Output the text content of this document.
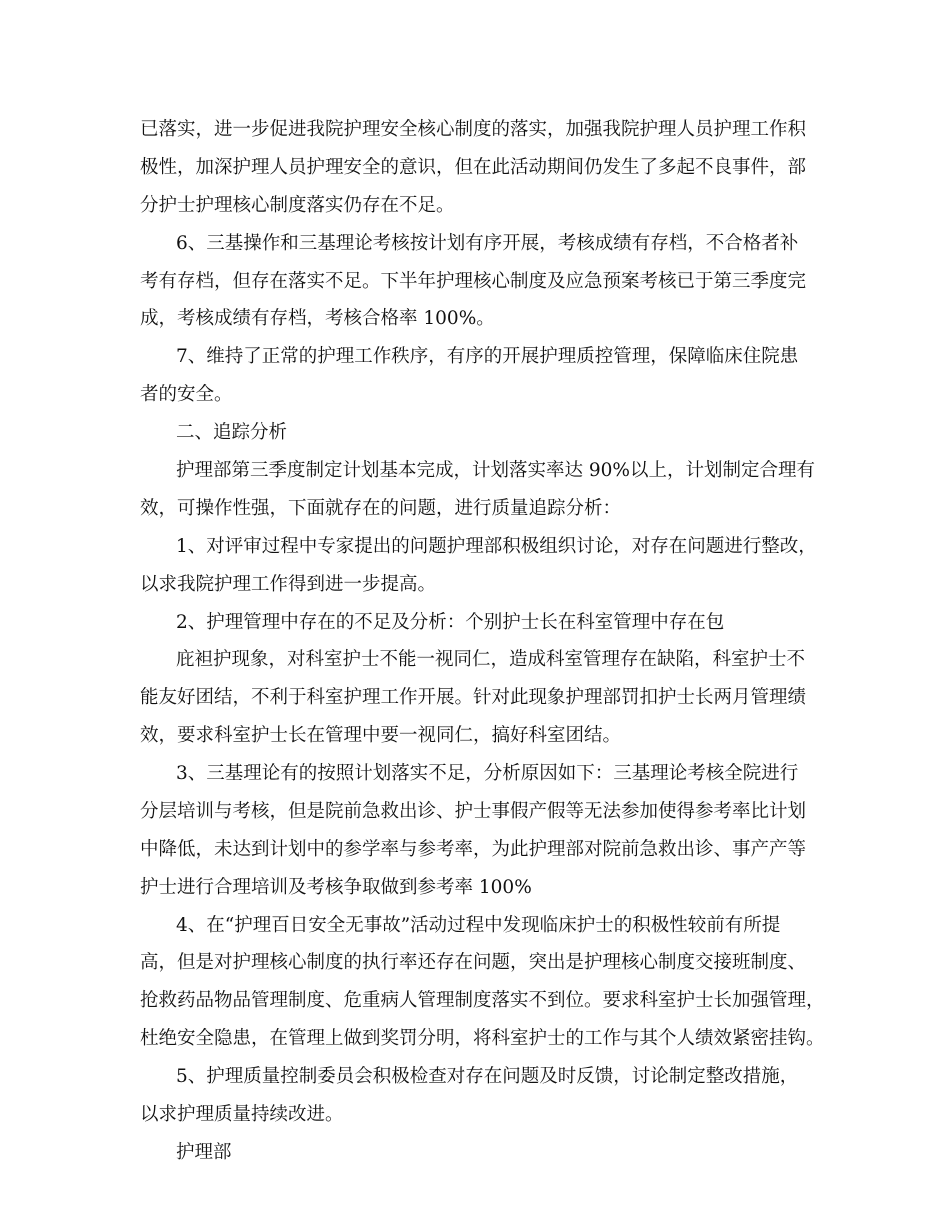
已落实，进一步促进我院护理安全核心制度的落实，加强我院护理人员护理工作积
极性，加深护理人员护理安全的意识，但在此活动期间仍发生了多起不良事件，部
分护士护理核心制度落实仍存在不足。
6、三基操作和三基理论考核按计划有序开展，考核成绩有存档，不合格者补
考有存档，但存在落实不足。下半年护理核心制度及应急预案考核已于第三季度完
成，考核成绩有存档，考核合格率 100%。
7、维持了正常的护理工作秩序，有序的开展护理质控管理，保障临床住院患
者的安全。
二、追踪分析
护理部第三季度制定计划基本完成，计划落实率达 90%以上，计划制定合理有
效，可操作性强，下面就存在的问题，进行质量追踪分析：
1、对评审过程中专家提出的问题护理部积极组织讨论，对存在问题进行整改，
以求我院护理工作得到进一步提高。
2、护理管理中存在的不足及分析：个别护士长在科室管理中存在包
庇袒护现象，对科室护士不能一视同仁，造成科室管理存在缺陷，科室护士不
能友好团结，不利于科室护理工作开展。针对此现象护理部罚扣护士长两月管理绩
效，要求科室护士长在管理中要一视同仁，搞好科室团结。
3、三基理论有的按照计划落实不足，分析原因如下：三基理论考核全院进行
分层培训与考核，但是院前急救出诊、护士事假产假等无法参加使得参考率比计划
中降低，未达到计划中的参学率与参考率，为此护理部对院前急救出诊、事产产等
护士进行合理培训及考核争取做到参考率 100%
4、在“护理百日安全无事故”活动过程中发现临床护士的积极性较前有所提
高，但是对护理核心制度的执行率还存在问题，突出是护理核心制度交接班制度、
抢救药品物品管理制度、危重病人管理制度落实不到位。要求科室护士长加强管理，
杜绝安全隐患，在管理上做到奖罚分明，将科室护士的工作与其个人绩效紧密挂钩。
5、护理质量控制委员会积极检查对存在问题及时反馈，讨论制定整改措施，
以求护理质量持续改进。
护理部
